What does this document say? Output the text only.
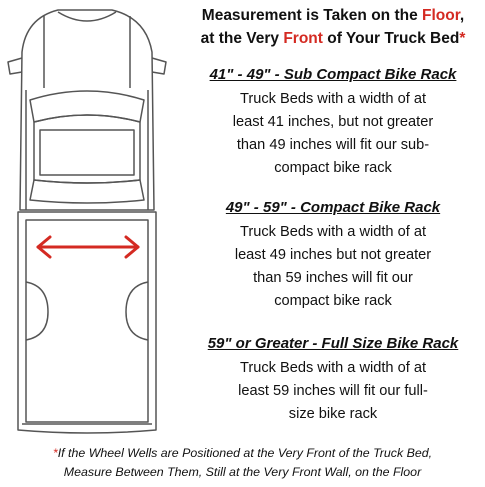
Measurement is Taken on the Floor,
at the Very Front of Your Truck Bed*
41" - 49" - Sub Compact Bike Rack
Truck Beds with a width of at
least 41 inches, but not greater
than 49 inches will fit our sub-
compact bike rack
49" - 59" - Compact Bike Rack
Truck Beds with a width of at
least 49 inches but not greater
than 59 inches will fit our
compact bike rack
59" or Greater - Full Size Bike Rack
Truck Beds with a width of at
least 59 inches will fit our full-
size bike rack
*If the Wheel Wells are Positioned at the Very Front of the Truck Bed,
Measure Between Them, Still at the Very Front Wall, on the Floor
